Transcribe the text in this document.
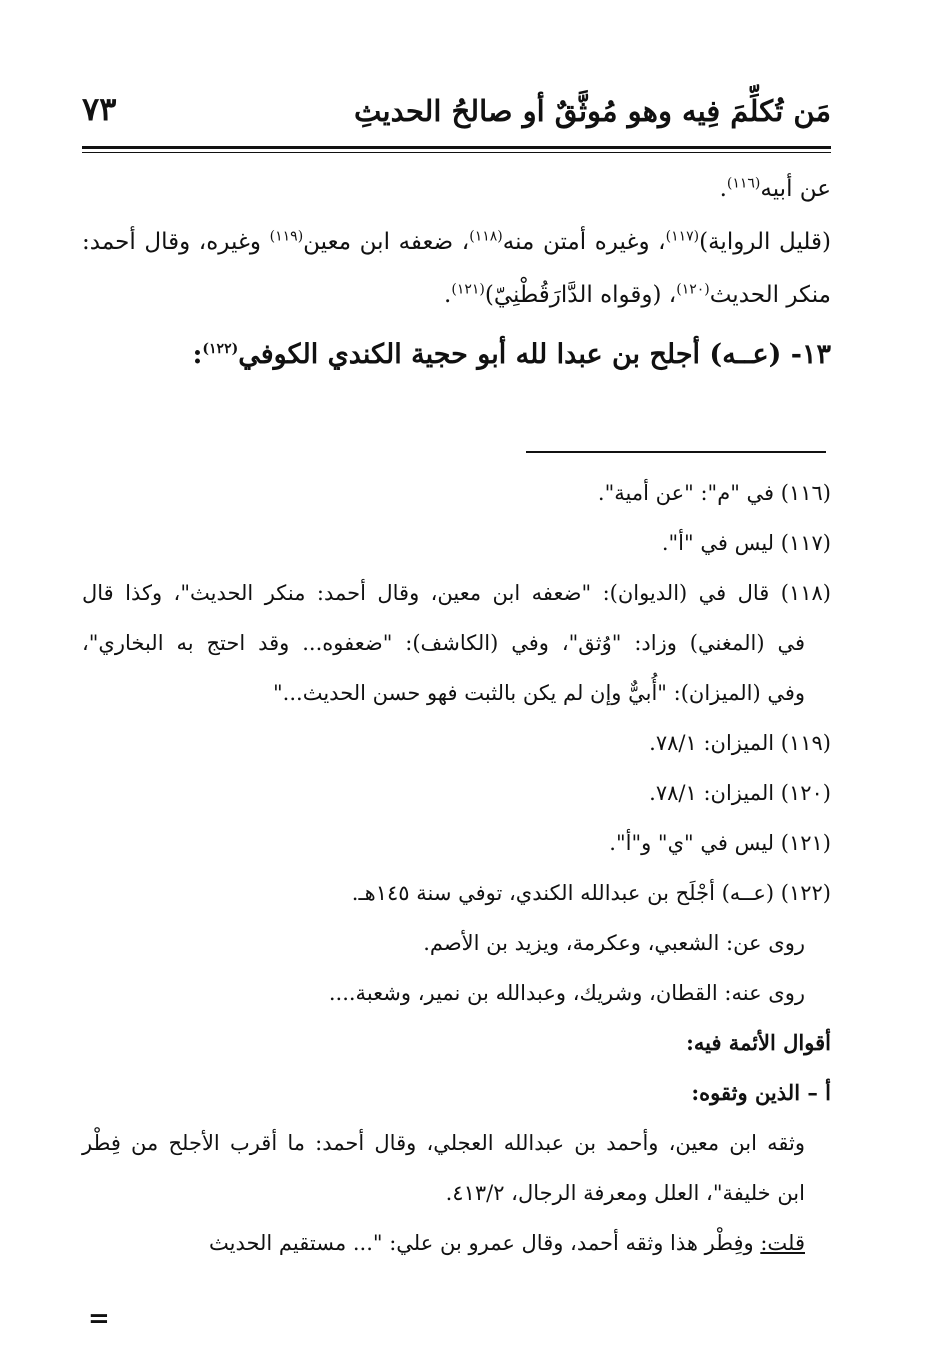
مَن تُكلِّمَ فِيه وهو مُوثَّقٌ أو صالحُ الحديثِ
٧٣

عن أبيه$^{(١١٦)}$.

(قليل الرواية)$^{(١١٧)}$، وغيره أمتن منه$^{(١١٨)}$، ضعفه ابن معين$^{(١١٩)}$ وغيره، وقال أحمد: منكر الحديث$^{(١٢٠)}$، (وقواه الدَّارَقُطْنِيّ)$^{(١٢١)}$.

١٣- (عــه) أجلح بن عبدا لله أبو حجية الكندي الكوفي$^{(١٢٢)}$:

(١١٦) في "م": "عن أمية".

(١١٧) ليس في "أ".

(١١٨) قال في (الديوان): "ضعفه ابن معين، وقال أحمد: منكر الحديث"، وكذا قال

في (المغني) وزاد: "وُثق"، وفي (الكاشف): "ضعفوه... وقد احتج به البخاري"،

وفي (الميزان): "أُبيٌّ وإن لم يكن بالثبت فهو حسن الحديث..."

(١١٩) الميزان: ٧٨/١.

(١٢٠) الميزان: ٧٨/١.

(١٢١) ليس في "ي" و"أ".

(١٢٢) (عــه) أجْلَح بن عبدالله الكندي، توفي سنة ١٤٥هـ.

روى عن: الشعبي، وعكرمة، ويزيد بن الأصم.

روى عنه: القطان، وشريك، وعبدالله بن نمير، وشعبة....

أقوال الأئمة فيه:

أ – الذين وثقوه:

وثقه ابن معين، وأحمد بن عبدالله العجلي، وقال أحمد: ما أقرب الأجلح من فِطْر

ابن خليفة"، العلل ومعرفة الرجال، ٤١٣/٢.

قلت: وفِطْر هذا وثقه أحمد، وقال عمرو بن علي: "... مستقيم الحديث

=
